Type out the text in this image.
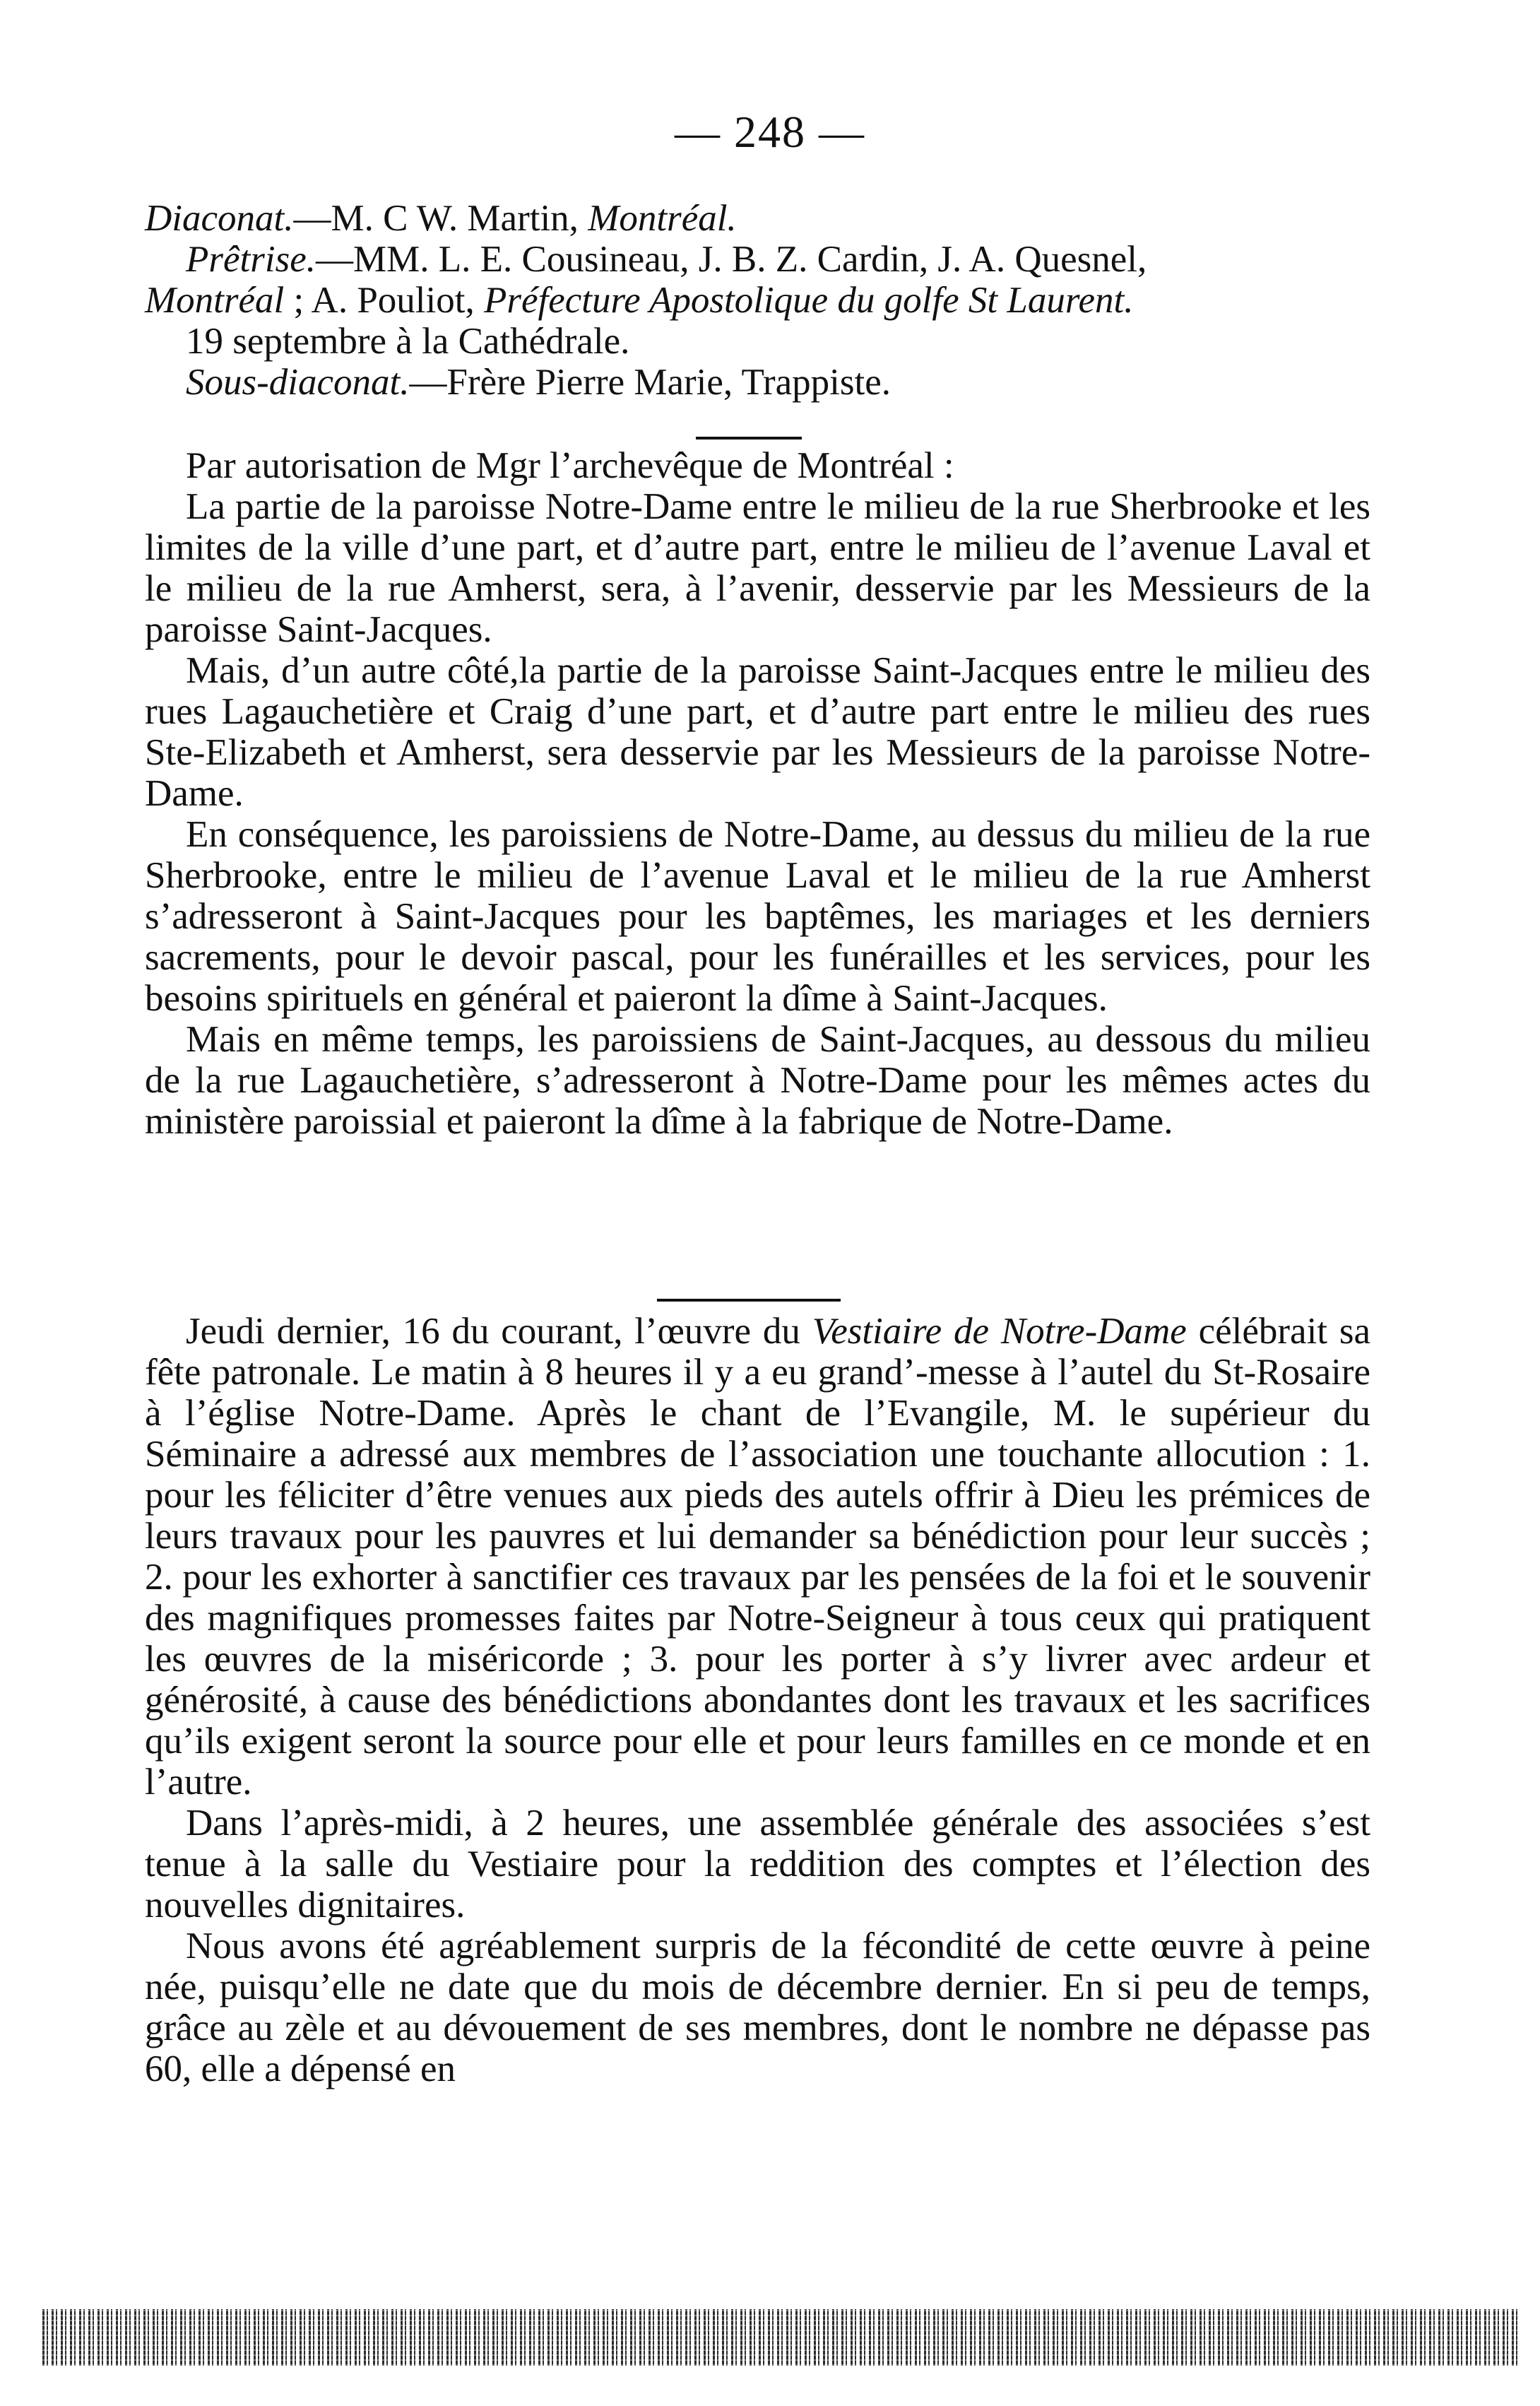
— 248 —

Diaconat.—M. C W. Martin, Montréal.

Prêtrise.—MM. L. E. Cousineau, J. B. Z. Cardin, J. A. Quesnel,

Montréal ; A. Pouliot, Préfecture Apostolique du golfe St Laurent.

19 septembre à la Cathédrale.

Sous-diaconat.—Frère Pierre Marie, Trappiste.

Par autorisation de Mgr l’archevêque de Montréal :

La partie de la paroisse Notre-Dame entre le milieu de la rue Sherbrooke et les limites de la ville d’une part, et d’autre part, entre le milieu de l’avenue Laval et le milieu de la rue Amherst, sera, à l’avenir, desservie par les Messieurs de la paroisse Saint-Jacques.

Mais, d’un autre côté,la partie de la paroisse Saint-Jacques entre le milieu des rues Lagauchetière et Craig d’une part, et d’autre part entre le milieu des rues Ste-Elizabeth et Amherst, sera desservie par les Messieurs de la paroisse Notre-Dame.

En conséquence, les paroissiens de Notre-Dame, au dessus du milieu de la rue Sherbrooke, entre le milieu de l’avenue Laval et le milieu de la rue Amherst s’adresseront à Saint-Jacques pour les baptêmes, les mariages et les derniers sacrements, pour le devoir pascal, pour les funérailles et les services, pour les besoins spirituels en général et paieront la dîme à Saint-Jacques.

Mais en même temps, les paroissiens de Saint-Jacques, au dessous du milieu de la rue Lagauchetière, s’adresseront à Notre-Dame pour les mêmes actes du ministère paroissial et paieront la dîme à la fabrique de Notre-Dame.

Jeudi dernier, 16 du courant, l’œuvre du Vestiaire de Notre-Dame célébrait sa fête patronale. Le matin à 8 heures il y a eu grand’-messe à l’autel du St-Rosaire à l’église Notre-Dame. Après le chant de l’Evangile, M. le supérieur du Séminaire a adressé aux membres de l’association une touchante allocution : 1. pour les féliciter d’être venues aux pieds des autels offrir à Dieu les prémices de leurs travaux pour les pauvres et lui demander sa bénédiction pour leur succès ; 2. pour les exhorter à sanctifier ces travaux par les pensées de la foi et le souvenir des magnifiques promesses faites par Notre-Seigneur à tous ceux qui pratiquent les œuvres de la miséricorde ; 3. pour les porter à s’y livrer avec ardeur et générosité, à cause des bénédictions abondantes dont les travaux et les sacrifices qu’ils exigent seront la source pour elle et pour leurs familles en ce monde et en l’autre.

Dans l’après-midi, à 2 heures, une assemblée générale des associées s’est tenue à la salle du Vestiaire pour la reddition des comptes et l’élection des nouvelles dignitaires.

Nous avons été agréablement surpris de la fécondité de cette œuvre à peine née, puisqu’elle ne date que du mois de décembre dernier. En si peu de temps, grâce au zèle et au dévouement de ses membres, dont le nombre ne dépasse pas 60, elle a dépensé en
